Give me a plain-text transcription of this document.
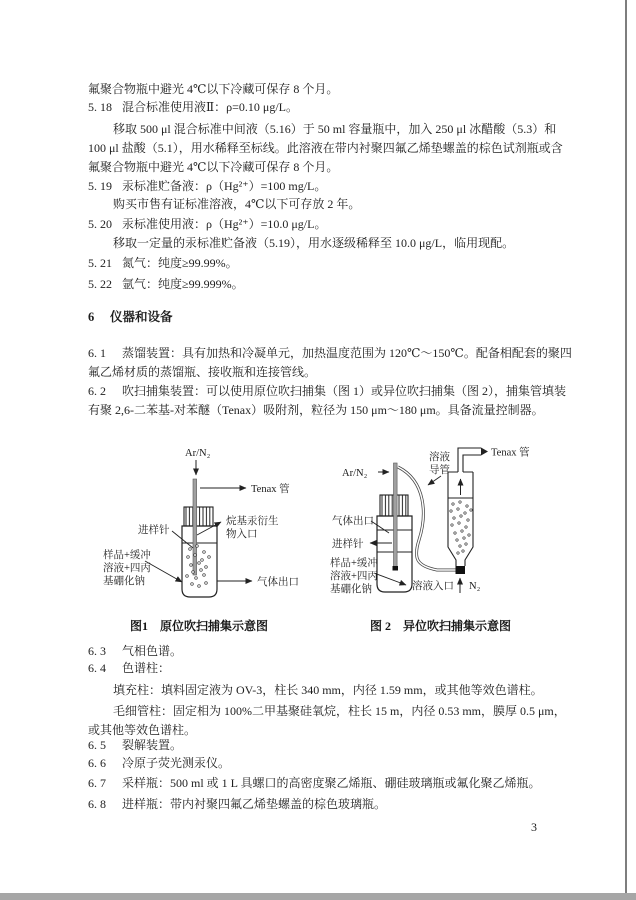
氟聚合物瓶中避光 4℃以下冷藏可保存 8 个月。
5. 18 混合标准使用液Ⅱ：ρ=0.10 μg/L。
移取 500 μl 混合标准中间液（5.16）于 50 ml 容量瓶中，加入 250 μl 冰醋酸（5.3）和
100 μl 盐酸（5.1），用水稀释至标线。此溶液在带内衬聚四氟乙烯垫螺盖的棕色试剂瓶或含
氟聚合物瓶中避光 4℃以下冷藏可保存 8 个月。
5. 19 汞标准贮备液：ρ（Hg²⁺）=100 mg/L。
购买市售有证标准溶液，4℃以下可存放 2 年。
5. 20 汞标准使用液：ρ（Hg²⁺）=10.0 μg/L。
移取一定量的汞标准贮备液（5.19），用水逐级稀释至 10.0 μg/L，临用现配。
5. 21 氮气：纯度≥99.99%。
5. 22 氩气：纯度≥99.999%。
6 仪器和设备
6. 1 蒸馏装置：具有加热和冷凝单元，加热温度范围为 120℃～150℃。配备相配套的聚四
氟乙烯材质的蒸馏瓶、接收瓶和连接管线。
6. 2 吹扫捕集装置：可以使用原位吹扫捕集（图 1）或异位吹扫捕集（图 2），捕集管填装
有聚 2,6-二苯基-对苯醚（Tenax）吸附剂，粒径为 150 μm～180 μm。具备流量控制器。
Ar/N₂
Tenax 管
进样针
烷基汞衍生
物入口
样品+缓冲
溶液+四丙
基硼化钠	气体出口
Ar/N₂
气体出口
进样针
样品+缓冲
溶液+四丙
基硼化钠
溶液
导管
Tenax 管
溶液入口 N₂
图1　原位吹扫捕集示意图	图 2　异位吹扫捕集示意图
6. 3 气相色谱。
6. 4 色谱柱：
填充柱：填料固定液为 OV-3，柱长 340 mm，内径 1.59 mm，或其他等效色谱柱。
毛细管柱：固定相为 100%二甲基聚硅氧烷，柱长 15 m，内径 0.53 mm，膜厚 0.5 μm，
或其他等效色谱柱。
6. 5 裂解装置。
6. 6 冷原子荧光测汞仪。
6. 7 采样瓶：500 ml 或 1 L 具螺口的高密度聚乙烯瓶、硼硅玻璃瓶或氟化聚乙烯瓶。
6. 8 进样瓶：带内衬聚四氟乙烯垫螺盖的棕色玻璃瓶。
3
